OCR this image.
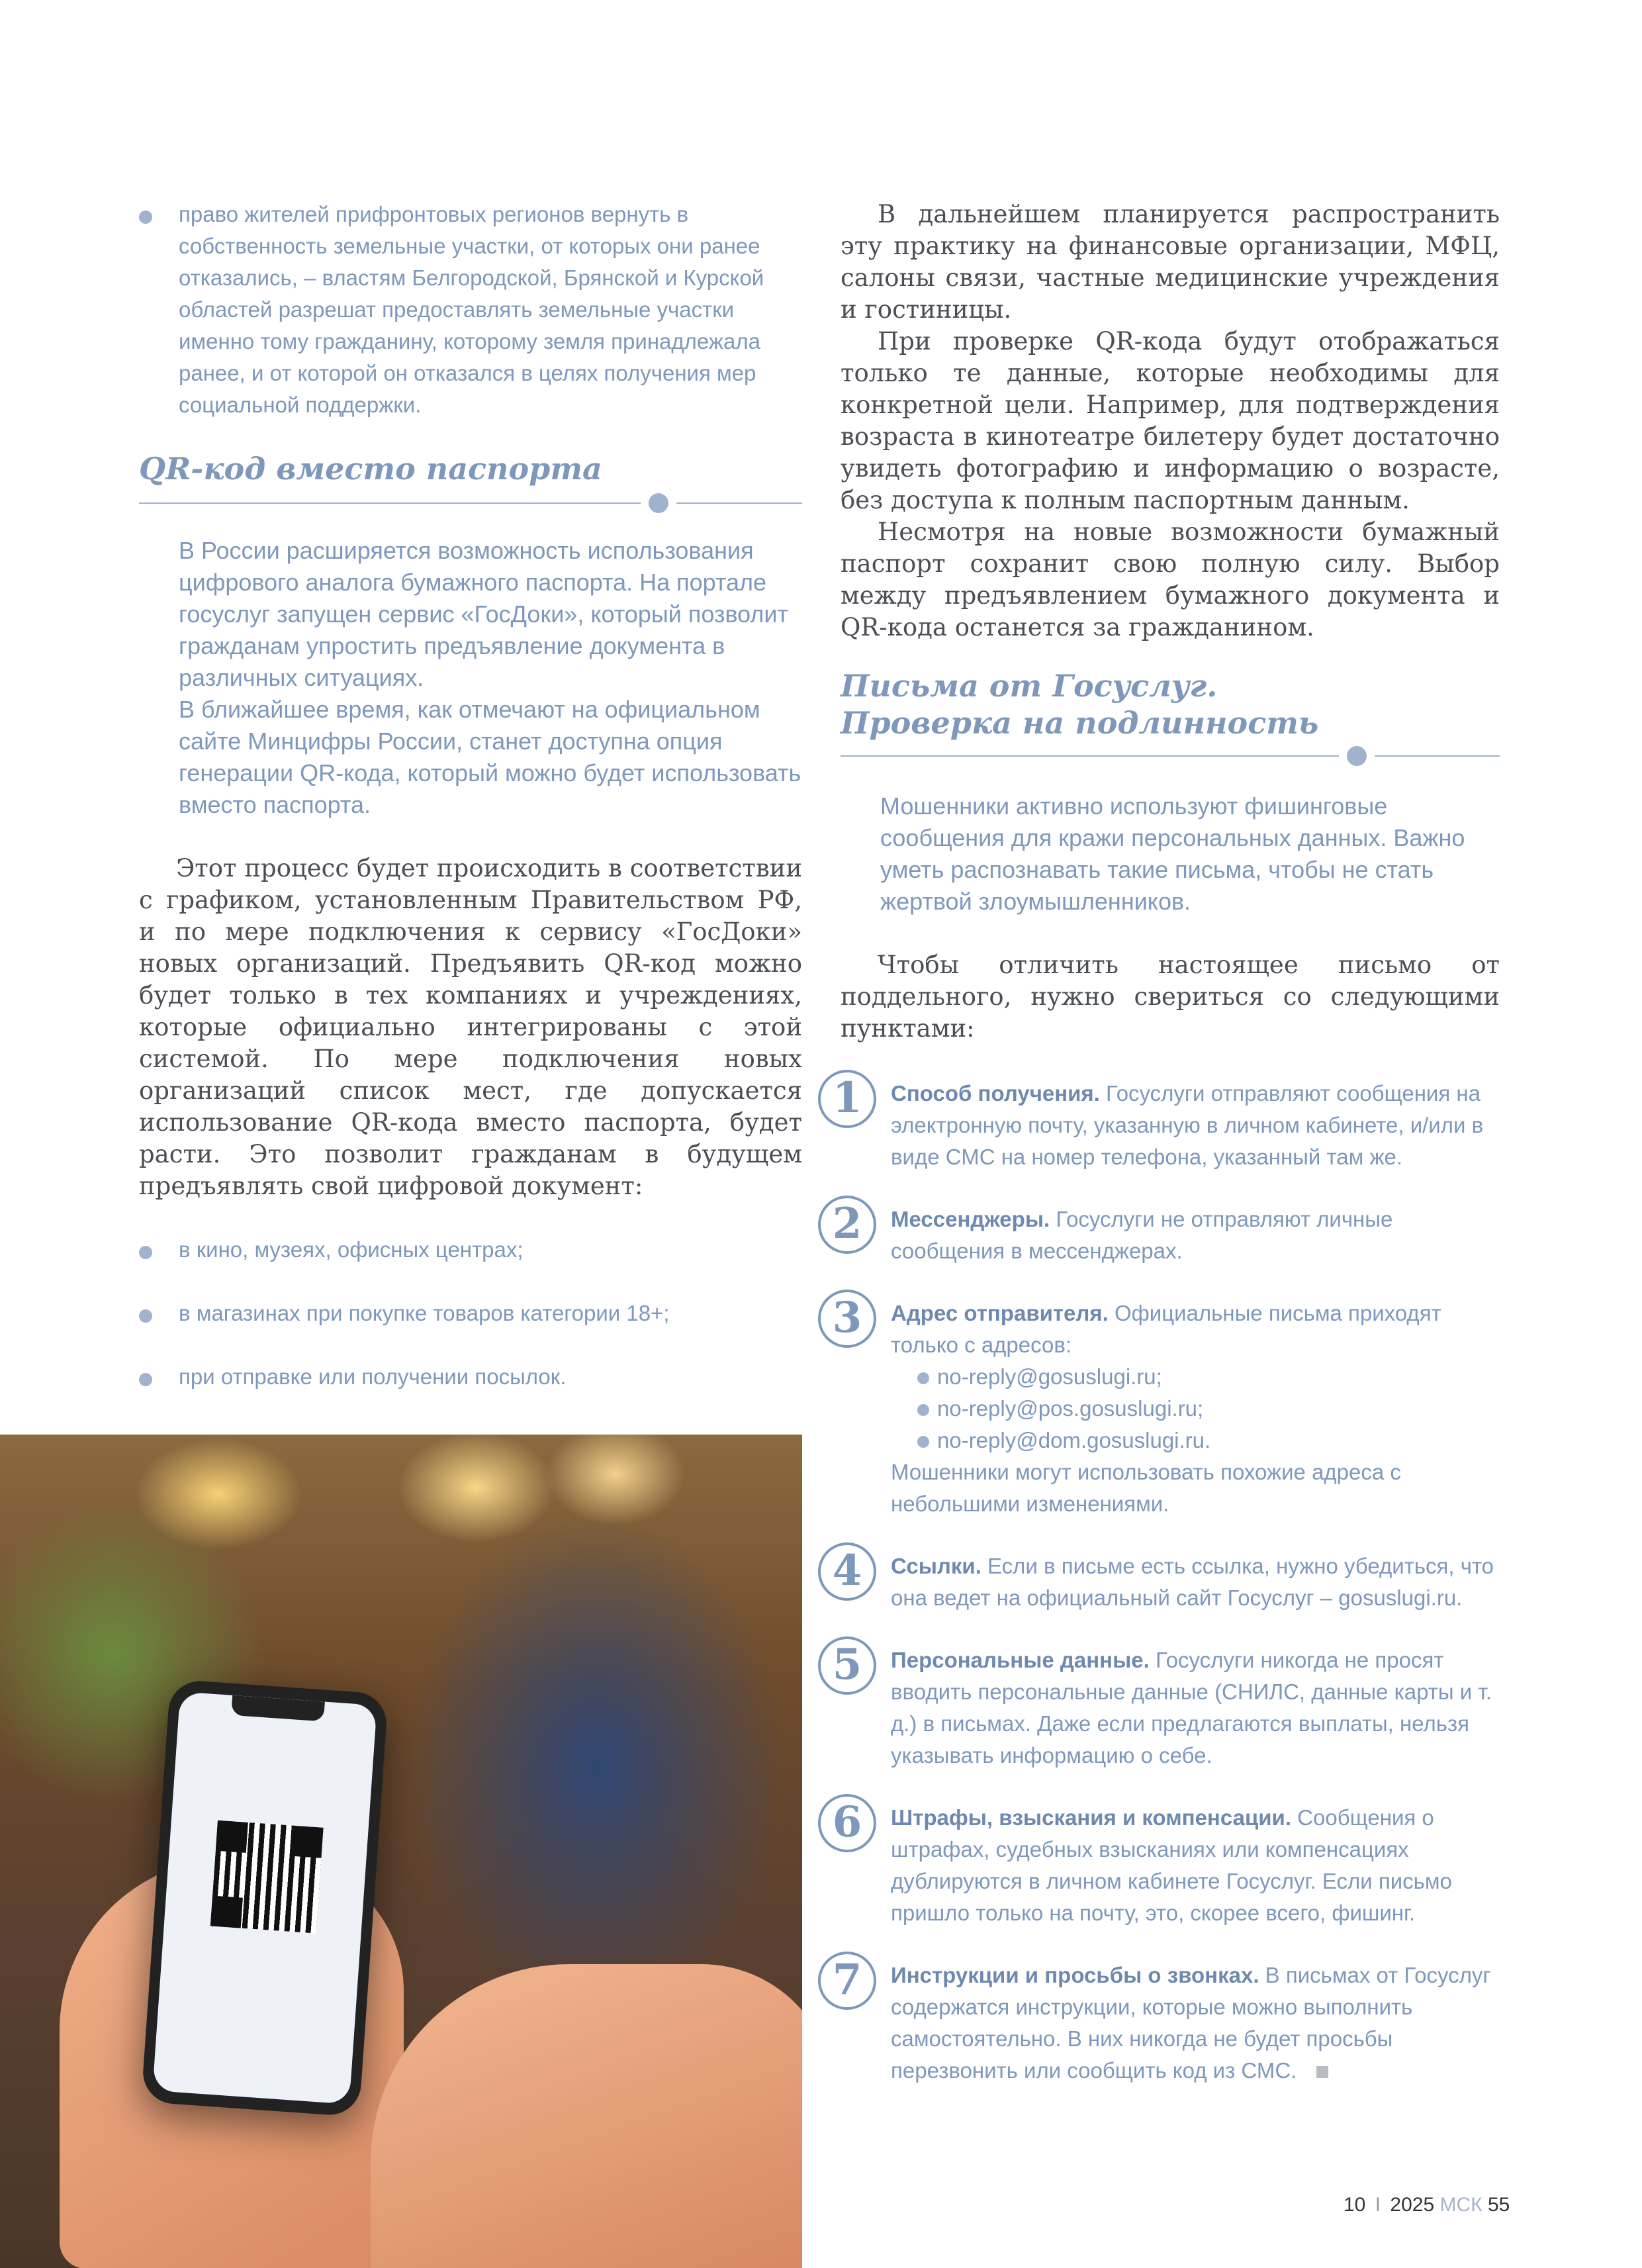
право жителей прифронтовых регионов вернуть в собственность земельные участки, от которых они ранее отказались, – властям Белгородской, Брянской и Курской областей разрешат предоставлять земельные участки именно тому гражданину, которому земля принадлежала ранее, и от которой он отказался в целях получения мер социальной поддержки.
QR-код вместо паспорта

В России расширяется возможность использования цифрового аналога бумажного паспорта. На портале госуслуг запущен сервис «ГосДоки», который позволит гражданам упростить предъявление документа в различных ситуациях.

В ближайшее время, как отмечают на официальном сайте Минцифры России, станет доступна опция генерации QR-кода, который можно будет использовать вместо паспорта.

Этот процесс будет происходить в соответствии с графиком, установленным Правительством РФ, и по мере подключения к сервису «ГосДоки» новых организаций. Предъявить QR-код можно будет только в тех компаниях и учреждениях, которые официально интегрированы с этой системой. По мере подключения новых организаций список мест, где допускается использование QR-кода вместо паспорта, будет расти. Это позволит гражданам в будущем предъявлять свой цифровой документ:

в кино, музеях, офисных центрах;
в магазинах при покупке товаров категории 18+;
при отправке или получении посылок.

В дальнейшем планируется распространить эту практику на финансовые организации, МФЦ, салоны связи, частные медицинские учреждения и гостиницы.

При проверке QR-кода будут отображаться только те данные, которые необходимы для конкретной цели. Например, для подтверждения возраста в кинотеатре билетеру будет достаточно увидеть фотографию и информацию о возрасте, без доступа к полным паспортным данным.

Несмотря на новые возможности бумажный паспорт сохранит свою полную силу. Выбор между предъявлением бумажного документа и QR-кода останется за гражданином.

Письма от Госуслуг.
Проверка на подлинность

Мошенники активно используют фишинговые сообщения для кражи персональных данных. Важно уметь распознавать такие письма, чтобы не стать жертвой злоумышленников.

Чтобы отличить настоящее письмо от поддельного, нужно свериться со следующими пунктами:

1	Способ получения. Госуслуги отправляют сообщения на электронную почту, указанную в личном кабинете, и/или в виде СМС на номер телефона, указанный там же.

2	Мессенджеры. Госуслуги не отправляют личные сообщения в мессенджерах.

3	Адрес отправителя. Официальные письма приходят только с адресов:

no-reply@gosuslugi.ru;
no-reply@pos.gosuslugi.ru;
no-reply@dom.gosuslugi.ru.

Мошенники могут использовать похожие адреса с небольшими изменениями.

4	Ссылки. Если в письме есть ссылка, нужно убедиться, что она ведет на официальный сайт Госуслуг – gosuslugi.ru.

5	Персональные данные. Госуслуги никогда не просят вводить персональные данные (СНИЛС, данные карты и т. д.) в письмах. Даже если предлагаются выплаты, нельзя указывать информацию о себе.

6	Штрафы, взыскания и компенсации. Сообщения о штрафах, судебных взысканиях или компенсациях дублируются в личном кабинете Госуслуг. Если письмо пришло только на почту, это, скорее всего, фишинг.

7	Инструкции и просьбы о звонках. В письмах от Госуслуг содержатся инструкции, которые можно выполнить самостоятельно. В них никогда не будет просьбы перезвонить или сообщить код из СМС.

10 I 2025 МСК 55
